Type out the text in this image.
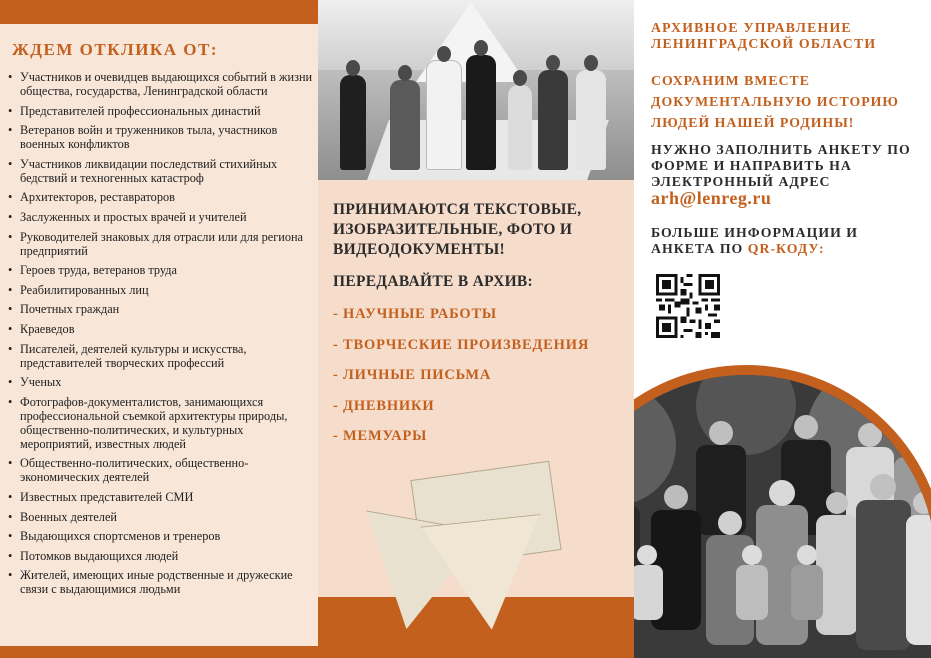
ЖДЕМ ОТКЛИКА ОТ:
• Участников и очевидцев выдающихся событий в жизни общества, государства, Ленинградской области
• Представителей профессиональных династий
• Ветеранов войн и труженников тыла, участников военных конфликтов
• Участников ликвидации последствий стихийных бедствий и техногенных катастроф
• Архитекторов, реставраторов
• Заслуженных и простых врачей и учителей
• Руководителей знаковых для отрасли или для региона предприятий
• Героев труда, ветеранов труда
• Реабилитированных лиц
• Почетных граждан
• Краеведов
• Писателей, деятелей культуры и искусства, представителей творческих профессий
• Ученых
• Фотографов-документалистов, занимающихся профессиональной съемкой архитектуры природы, общественно-политических, и культурных мероприятий, известных людей
• Общественно-политических, общественно-экономических деятелей
• Известных представителей СМИ
• Военных деятелей
• Выдающихся спортсменов и тренеров
• Потомков выдающихся людей
• Жителей, имеющих иные родственные и дружеские связи с выдающимися людьми
ПРИНИМАЮТСЯ ТЕКСТОВЫЕ, ИЗОБРАЗИТЕЛЬНЫЕ, ФОТО И ВИДЕОДОКУМЕНТЫ!
ПЕРЕДАВАЙТЕ В АРХИВ:
- НАУЧНЫЕ РАБОТЫ
- ТВОРЧЕСКИЕ ПРОИЗВЕДЕНИЯ
- ЛИЧНЫЕ ПИСЬМА
- ДНЕВНИКИ
- МЕМУАРЫ
АРХИВНОЕ УПРАВЛЕНИЕ ЛЕНИНГРАДСКОЙ ОБЛАСТИ
СОХРАНИМ ВМЕСТЕ ДОКУМЕНТАЛЬНУЮ ИСТОРИЮ ЛЮДЕЙ НАШЕЙ РОДИНЫ!
НУЖНО ЗАПОЛНИТЬ АНКЕТУ ПО ФОРМЕ И НАПРАВИТЬ НА ЭЛЕКТРОННЫЙ АДРЕС
arh@lenreg.ru
БОЛЬШЕ ИНФОРМАЦИИ И АНКЕТА ПО QR-КОДУ:
